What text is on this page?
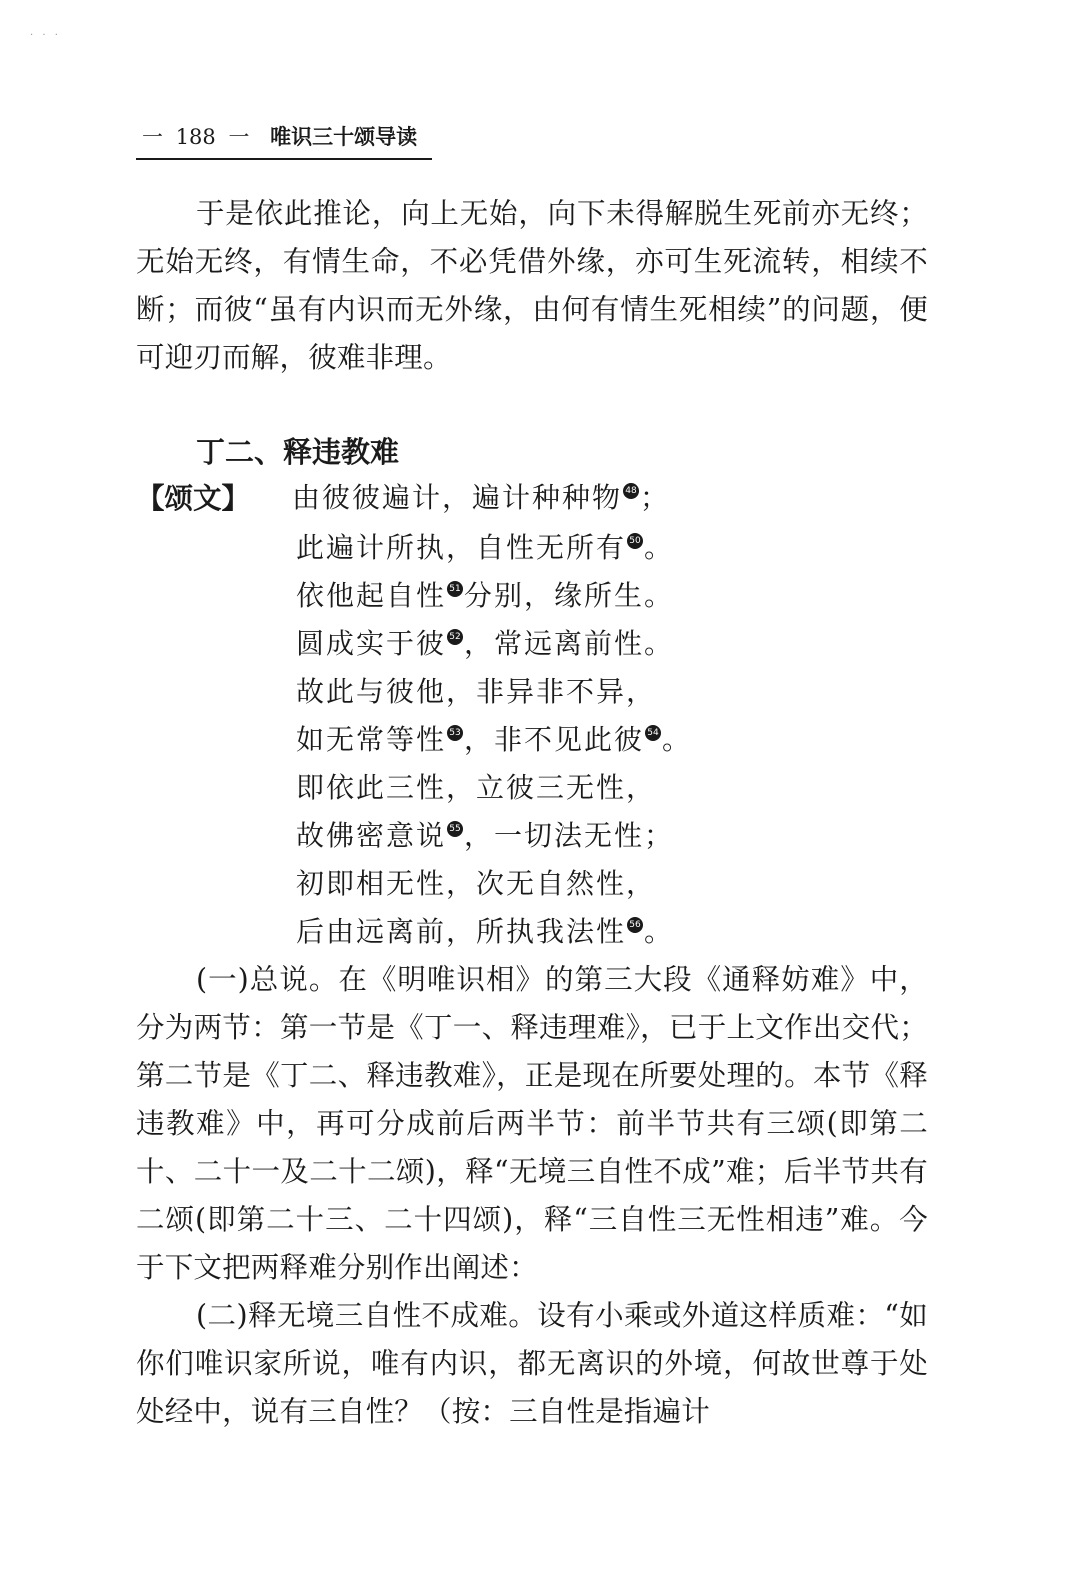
· · ·
一 188 一 唯识三十颂导读

于是依此推论，向上无始，向下未得解脱生死前亦无终；无始无终，有情生命，不必凭借外缘，亦可生死流转，相续不断；而彼“虽有内识而无外缘，由何有情生死相续”的问题，便可迎刃而解，彼难非理。

丁二、释违教难
【颂文】 由彼彼遍计，遍计种种物 48 ；
此遍计所执，自性无所有 50 。
依他起自性 51 分别，缘所生。
圆成实于彼 52 ，常远离前性。
故此与彼他，非异非不异，
如无常等性 53 ，非不见此彼 54 。
即依此三性，立彼三无性，
故佛密意说 55 ，一切法无性；
初即相无性，次无自然性，
后由远离前，所执我法性 56 。

(一)总说。在《明唯识相》的第三大段《通释妨难》中，分为两节：第一节是《丁一、释违理难》，已于上文作出交代；第二节是《丁二、释违教难》，正是现在所要处理的。本节《释违教难》中，再可分成前后两半节：前半节共有三颂(即第二十、二十一及二十二颂)，释“无境三自性不成”难；后半节共有二颂(即第二十三、二十四颂)，释“三自性三无性相违”难。今于下文把两释难分别作出阐述：

(二)释无境三自性不成难。设有小乘或外道这样质难：“如你们唯识家所说，唯有内识，都无离识的外境，何故世尊于处处经中，说有三自性？（按：三自性是指遍计
